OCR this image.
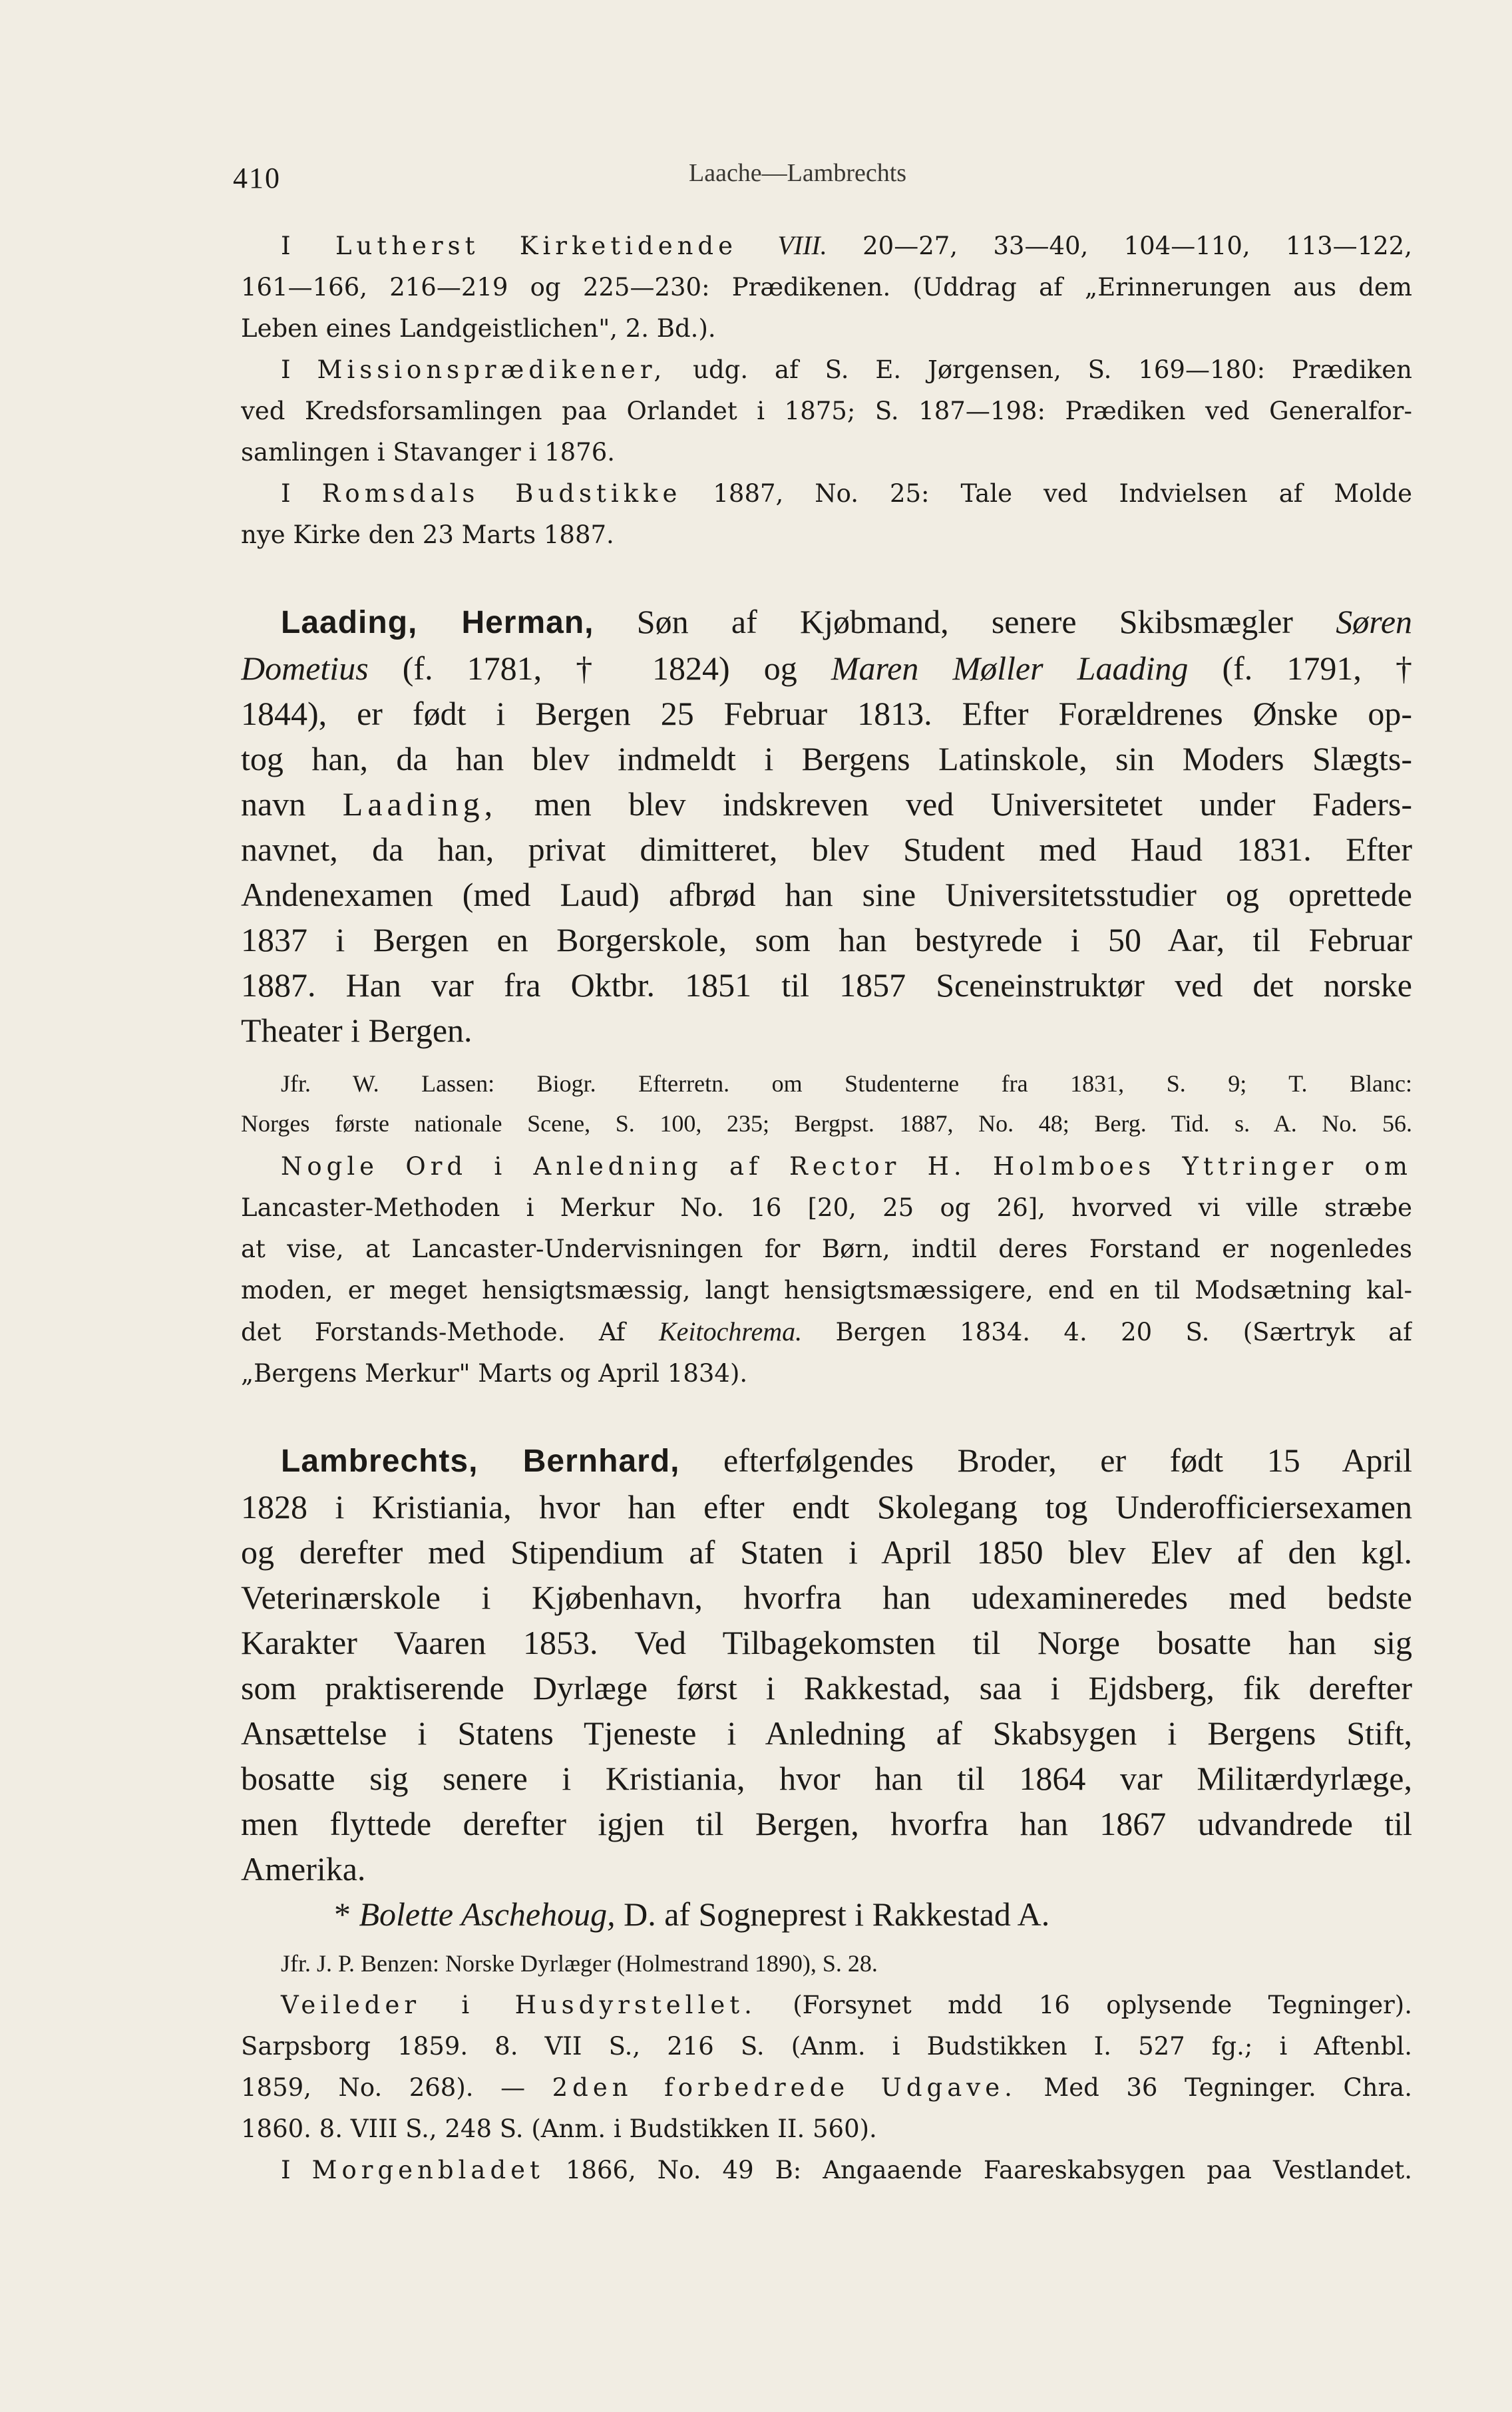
410	Laache—Lambrechts
I Lutherst Kirketidende VIII. 20—27, 33—40, 104—110, 113—122,
161—166, 216—219 og 225—230: Prædikenen. (Uddrag af „Erinnerungen aus dem
Leben eines Landgeistlichen", 2. Bd.).
I Missionsprædikener, udg. af S. E. Jørgensen, S. 169—180: Prædiken
ved Kredsforsamlingen paa Orlandet i 1875; S. 187—198: Prædiken ved Generalfor-
samlingen i Stavanger i 1876.
I Romsdals Budstikke 1887, No. 25: Tale ved Indvielsen af Molde
nye Kirke den 23 Marts 1887.
Laading, Herman, Søn af Kjøbmand, senere Skibsmægler Søren
Dometius (f. 1781, † 1824) og Maren Møller Laading (f. 1791, †
1844), er født i Bergen 25 Februar 1813. Efter Forældrenes Ønske op-
tog han, da han blev indmeldt i Bergens Latinskole, sin Moders Slægts-
navn Laading, men blev indskreven ved Universitetet under Faders-
navnet, da han, privat dimitteret, blev Student med Haud 1831. Efter
Andenexamen (med Laud) afbrød han sine Universitetsstudier og oprettede
1837 i Bergen en Borgerskole, som han bestyrede i 50 Aar, til Februar
1887. Han var fra Oktbr. 1851 til 1857 Sceneinstruktør ved det norske
Theater i Bergen.
Jfr. W. Lassen: Biogr. Efterretn. om Studenterne fra 1831, S. 9; T. Blanc:
Norges første nationale Scene, S. 100, 235; Bergpst. 1887, No. 48; Berg. Tid. s. A. No. 56.
Nogle Ord i Anledning af Rector H. Holmboes Yttringer om
Lancaster-Methoden i Merkur No. 16 [20, 25 og 26], hvorved vi ville stræbe
at vise, at Lancaster-Undervisningen for Børn, indtil deres Forstand er nogenledes
moden, er meget hensigtsmæssig, langt hensigtsmæssigere, end en til Modsætning kal-
det Forstands-Methode. Af Keitochrema. Bergen 1834. 4. 20 S. (Særtryk af
„Bergens Merkur" Marts og April 1834).
Lambrechts, Bernhard, efterfølgendes Broder, er født 15 April
1828 i Kristiania, hvor han efter endt Skolegang tog Underofficiersexamen
og derefter med Stipendium af Staten i April 1850 blev Elev af den kgl.
Veterinærskole i Kjøbenhavn, hvorfra han udexamineredes med bedste
Karakter Vaaren 1853. Ved Tilbagekomsten til Norge bosatte han sig
som praktiserende Dyrlæge først i Rakkestad, saa i Ejdsberg, fik derefter
Ansættelse i Statens Tjeneste i Anledning af Skabsygen i Bergens Stift,
bosatte sig senere i Kristiania, hvor han til 1864 var Militærdyrlæge,
men flyttede derefter igjen til Bergen, hvorfra han 1867 udvandrede til
Amerika.
* Bolette Aschehoug, D. af Sogneprest i Rakkestad A.
Jfr. J. P. Benzen: Norske Dyrlæger (Holmestrand 1890), S. 28.
Veileder i Husdyrstellet. (Forsynet mdd 16 oplysende Tegninger).
Sarpsborg 1859. 8. VII S., 216 S. (Anm. i Budstikken I. 527 fg.; i Aftenbl.
1859, No. 268). — 2den forbedrede Udgave. Med 36 Tegninger. Chra.
1860. 8. VIII S., 248 S. (Anm. i Budstikken II. 560).
I Morgenbladet 1866, No. 49 B: Angaaende Faareskabsygen paa Vestlandet.
